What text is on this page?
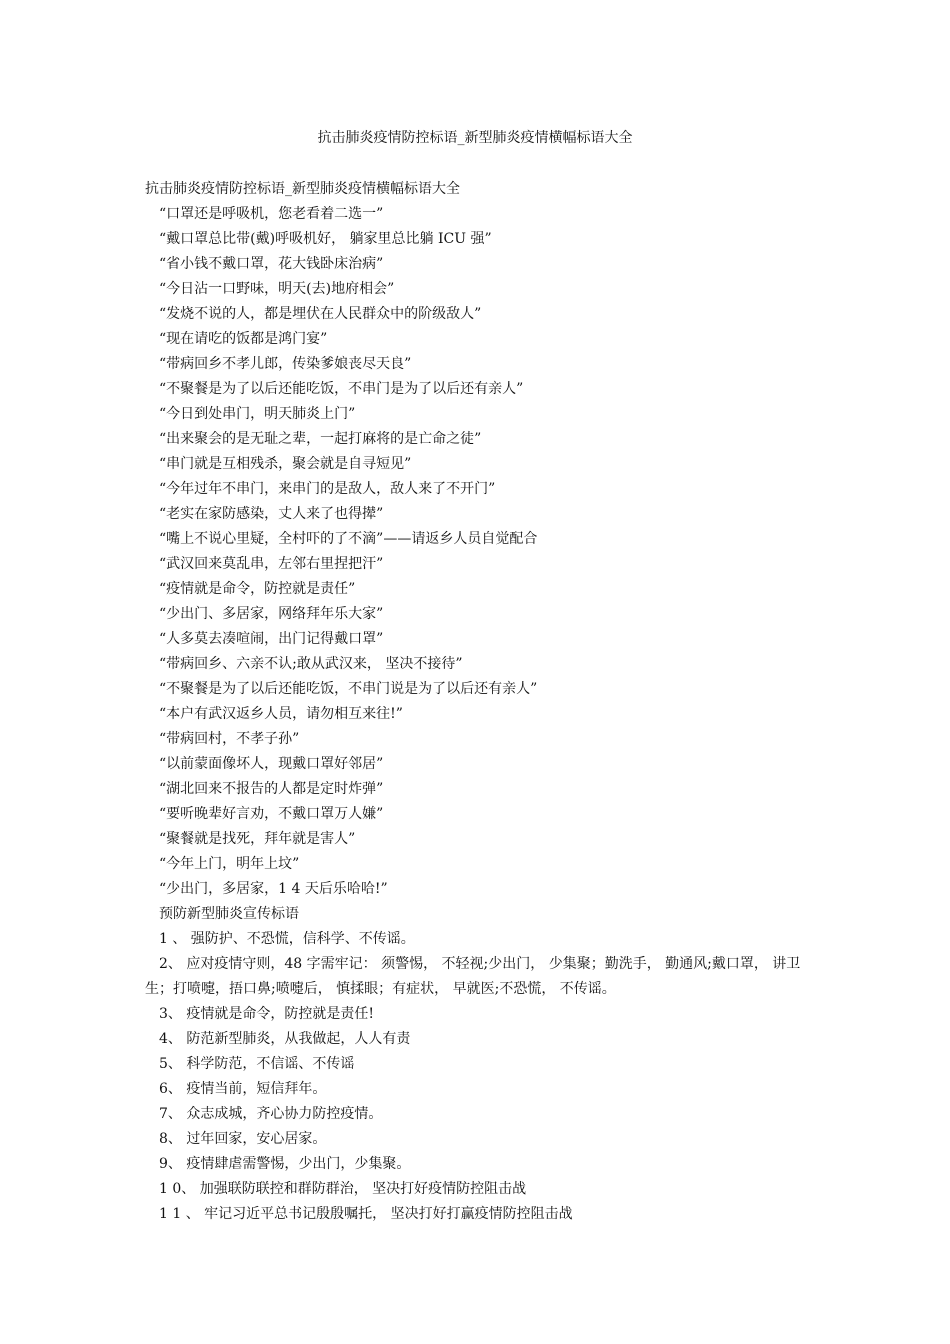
抗击肺炎疫情防控标语_新型肺炎疫情横幅标语大全
抗击肺炎疫情防控标语_新型肺炎疫情横幅标语大全
“口罩还是呼吸机，您老看着二选一”
“戴口罩总比带(戴)呼吸机好， 躺家里总比躺 ICU 强”
“省小钱不戴口罩，花大钱卧床治病”
“今日沾一口野味，明天(去)地府相会”
“发烧不说的人，都是埋伏在人民群众中的阶级敌人”
“现在请吃的饭都是鸿门宴”
“带病回乡不孝儿郎，传染爹娘丧尽天良”
“不聚餐是为了以后还能吃饭，不串门是为了以后还有亲人”
“今日到处串门，明天肺炎上门”
“出来聚会的是无耻之辈，一起打麻将的是亡命之徒”
“串门就是互相残杀，聚会就是自寻短见”
“今年过年不串门，来串门的是敌人，敌人来了不开门”
“老实在家防感染，丈人来了也得撵”
“嘴上不说心里疑，全村吓的了不滴”——请返乡人员自觉配合
“武汉回来莫乱串，左邻右里捏把汗”
“疫情就是命令，防控就是责任”
“少出门、多居家，网络拜年乐大家”
“人多莫去凑喧闹，出门记得戴口罩”
“带病回乡、六亲不认;敢从武汉来， 坚决不接待”
“不聚餐是为了以后还能吃饭，不串门说是为了以后还有亲人”
“本户有武汉返乡人员，请勿相互来往!”
“带病回村，不孝子孙”
“以前蒙面像坏人，现戴口罩好邻居”
“湖北回来不报告的人都是定时炸弹”
“要听晚辈好言劝，不戴口罩万人嫌”
“聚餐就是找死，拜年就是害人”
“今年上门，明年上坟”
“少出门，多居家，1 4 天后乐哈哈!”
预防新型肺炎宣传标语
1 、 强防护、不恐慌，信科学、不传谣。
2、 应对疫情守则，48 字需牢记： 须警惕， 不轻视;少出门， 少集聚；勤洗手， 勤通风;戴口罩， 讲卫生；打喷嚏，捂口鼻;喷嚏后， 慎揉眼；有症状， 早就医;不恐慌， 不传谣。
3、 疫情就是命令，防控就是责任!
4、 防范新型肺炎，从我做起，人人有责
5、 科学防范，不信谣、不传谣
6、 疫情当前，短信拜年。
7、 众志成城，齐心协力防控疫情。
8、 过年回家，安心居家。
9、 疫情肆虐需警惕，少出门，少集聚。
1 0、 加强联防联控和群防群治， 坚决打好疫情防控阻击战
1 1 、 牢记习近平总书记殷殷嘱托， 坚决打好打赢疫情防控阻击战
